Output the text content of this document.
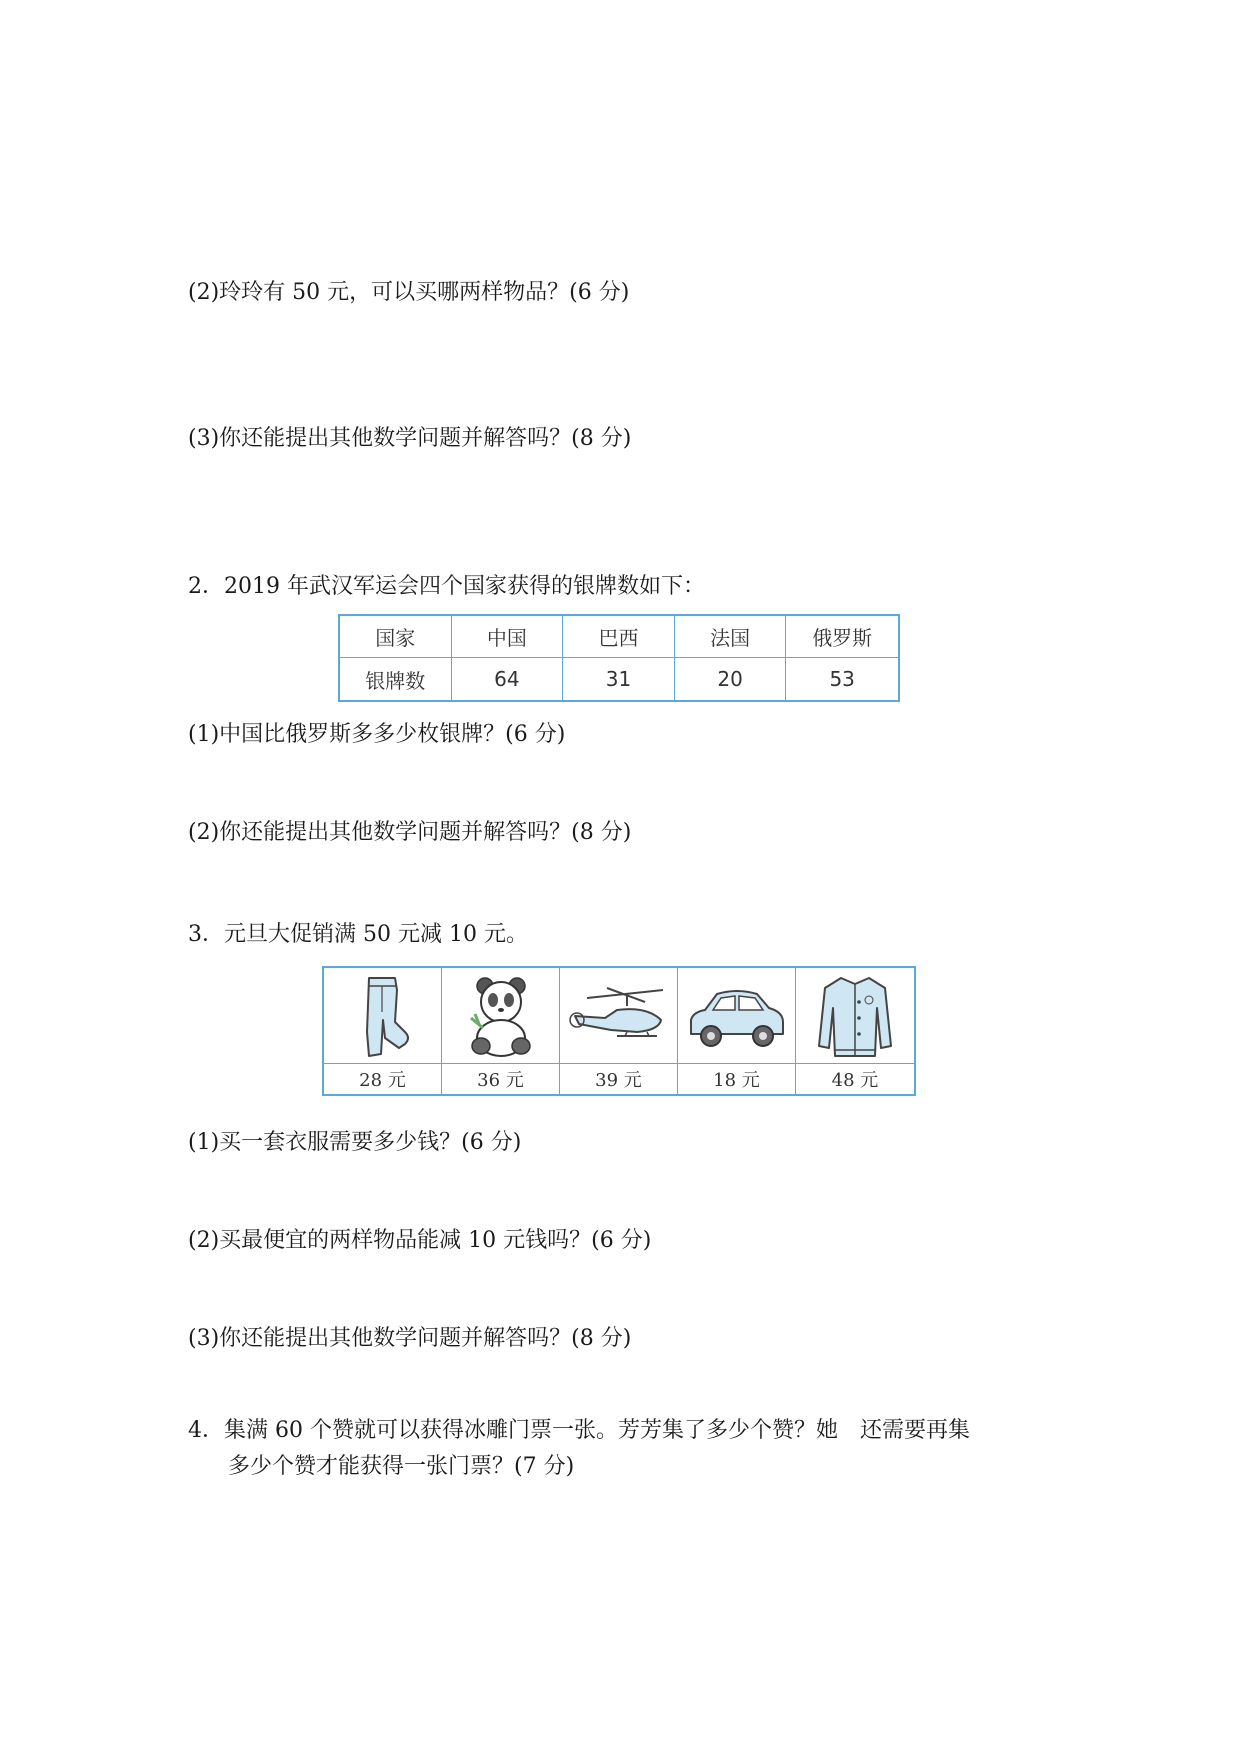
(2)玲玲有 50 元，可以买哪两样物品？(6 分)
(3)你还能提出其他数学问题并解答吗？(8 分)
2．2019 年武汉军运会四个国家获得的银牌数如下：
国家	中国	巴西	法国	俄罗斯
银牌数	64	31	20	53
(1)中国比俄罗斯多多少枚银牌？(6 分)
(2)你还能提出其他数学问题并解答吗？(8 分)
3．元旦大促销满 50 元减 10 元。
28 元	36 元	39 元	18 元	48 元
(1)买一套衣服需要多少钱？(6 分)
(2)买最便宜的两样物品能减 10 元钱吗？(6 分)
(3)你还能提出其他数学问题并解答吗？(8 分)
4．集满 60 个赞就可以获得冰雕门票一张。芳芳集了多少个赞？她　还需要再集
多少个赞才能获得一张门票？(7 分)
